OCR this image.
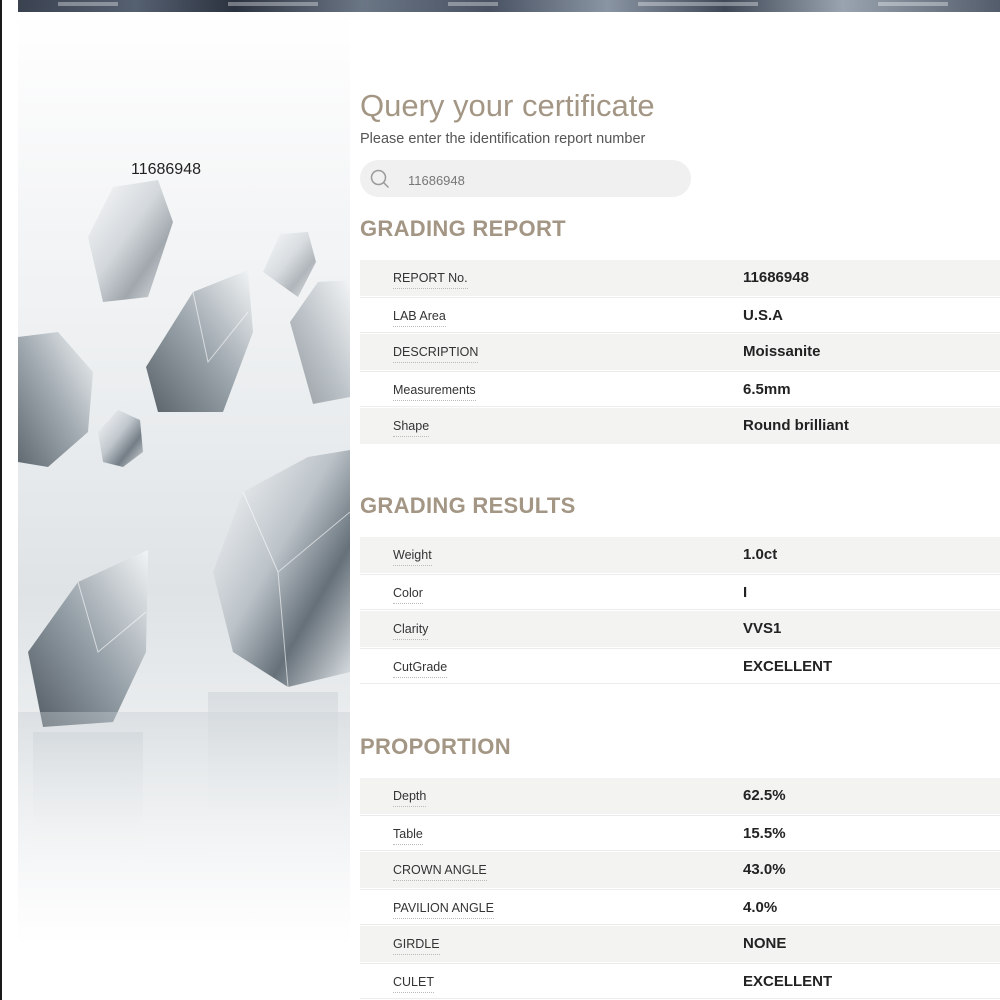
11686948
Query your certificate
Please enter the identification report number
11686948
GRADING REPORT
REPORT No.	11686948
LAB Area	U.S.A
DESCRIPTION	Moissanite
Measurements	6.5mm
Shape	Round brilliant
GRADING RESULTS
Weight	1.0ct
Color	I
Clarity	VVS1
CutGrade	EXCELLENT
PROPORTION
Depth	62.5%
Table	15.5%
CROWN ANGLE	43.0%
PAVILION ANGLE	4.0%
GIRDLE	NONE
CULET	EXCELLENT
